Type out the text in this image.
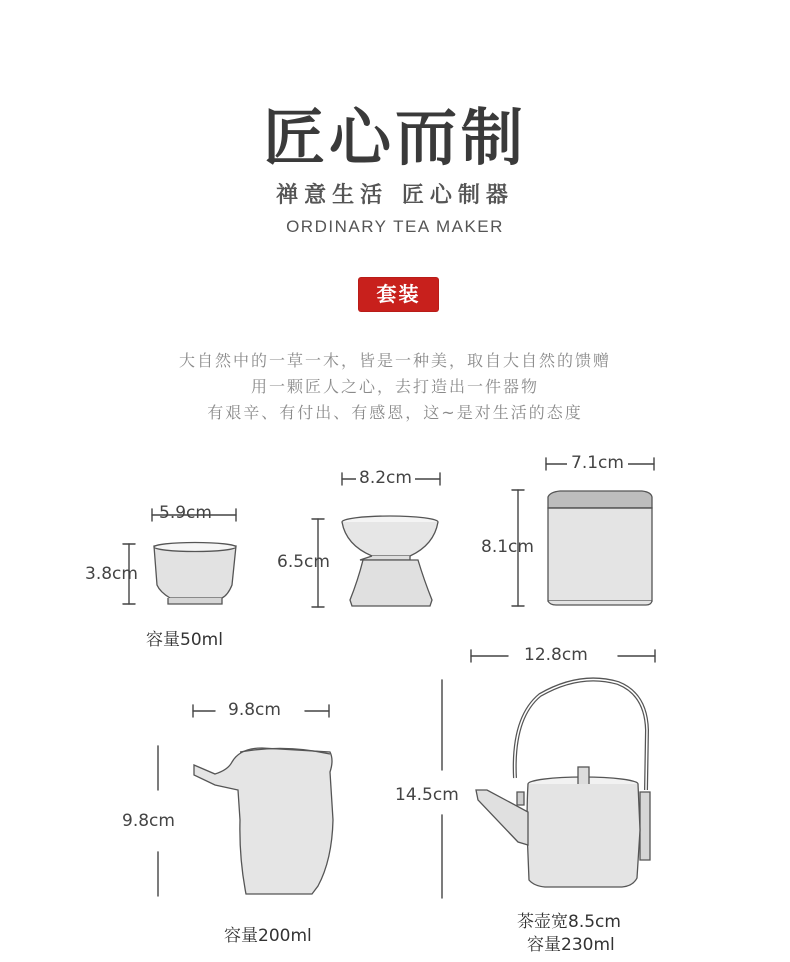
匠心而制
禅意生活 匠心制器
ORDINARY TEA MAKER
套装
大自然中的一草一木，皆是一种美，取自大自然的馈赠
用一颗匠人之心，去打造出一件器物
有艰辛、有付出、有感恩，这~是对生活的态度
5.9cm
3.8cm
容量50ml
8.2cm
6.5cm
7.1cm
8.1cm
9.8cm
9.8cm
容量200ml
12.8cm
14.5cm
茶壶宽8.5cm
容量230ml
